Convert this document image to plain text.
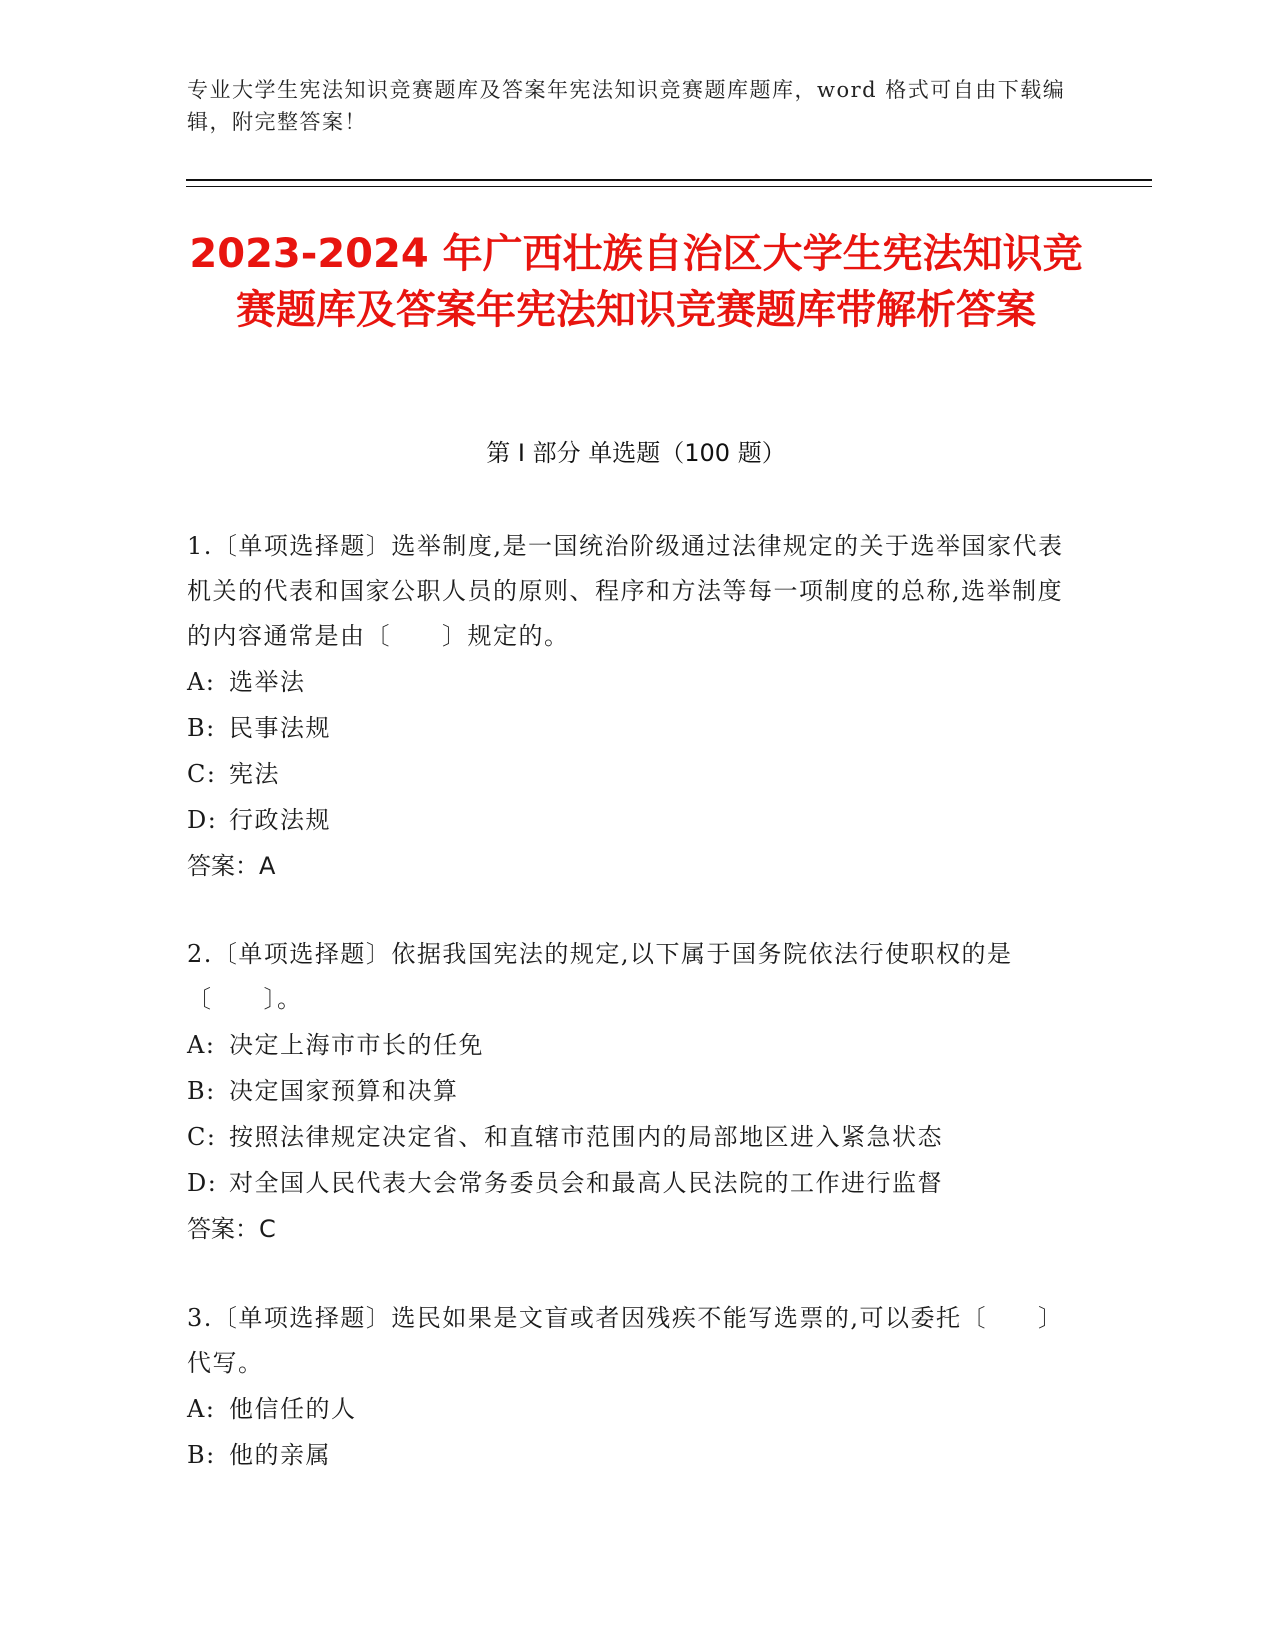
专业大学生宪法知识竞赛题库及答案年宪法知识竞赛题库题库，word 格式可自由下载编辑，附完整答案！
2023-2024 年广西壮族自治区大学生宪法知识竞赛题库及答案年宪法知识竞赛题库带解析答案
第 I 部分 单选题（100 题）
1.〔单项选择题〕选举制度,是一国统治阶级通过法律规定的关于选举国家代表机关的代表和国家公职人员的原则、程序和方法等每一项制度的总称,选举制度的内容通常是由〔　　〕规定的。
A: 选举法
B: 民事法规
C: 宪法
D: 行政法规
答案：A
2.〔单项选择题〕依据我国宪法的规定,以下属于国务院依法行使职权的是〔　　〕。
A: 决定上海市市长的任免
B: 决定国家预算和决算
C: 按照法律规定决定省、和直辖市范围内的局部地区进入紧急状态
D: 对全国人民代表大会常务委员会和最高人民法院的工作进行监督
答案：C
3.〔单项选择题〕选民如果是文盲或者因残疾不能写选票的,可以委托〔　　〕代写。
A: 他信任的人
B: 他的亲属
